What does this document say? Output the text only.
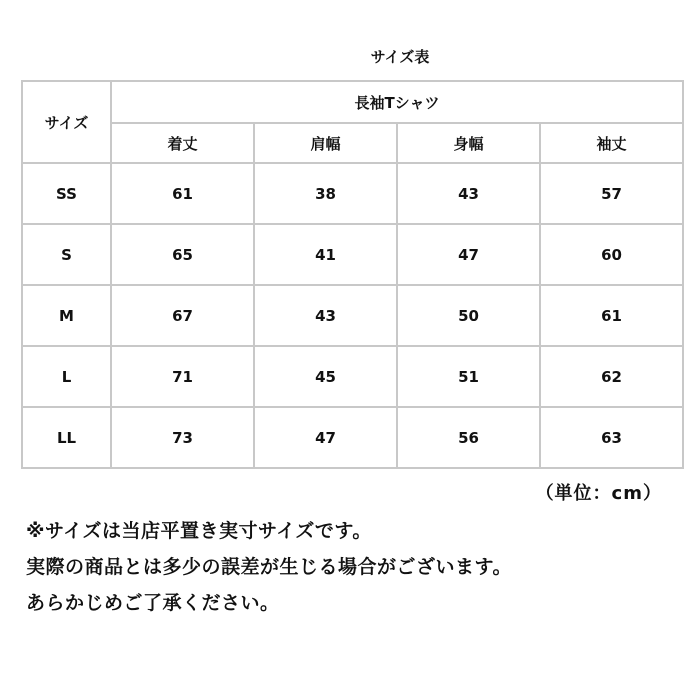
サイズ表
サイズ	長袖Tシャツ			
	着丈	肩幅	身幅	袖丈
SS	61	38	43	57
S	65	41	47	60
M	67	43	50	61
L	71	45	51	62
LL	73	47	56	63
（単位：cm）
※サイズは当店平置き実寸サイズです。
実際の商品とは多少の誤差が生じる場合がございます。
あらかじめご了承ください。
